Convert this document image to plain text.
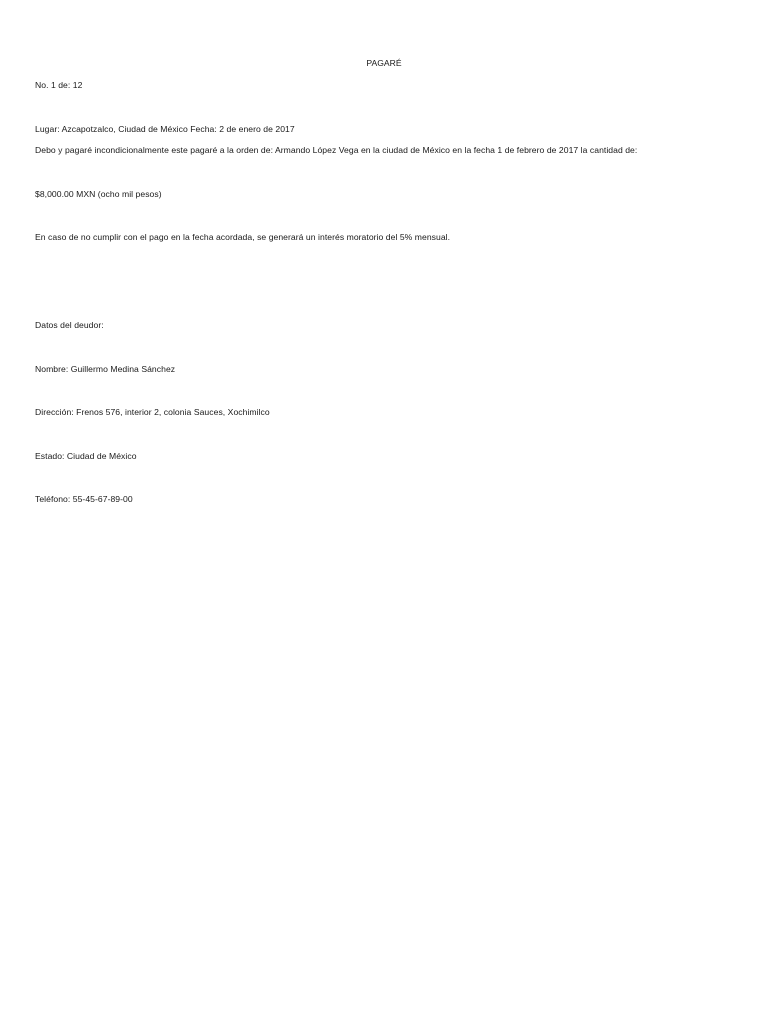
PAGARÉ
No. 1 de: 12
Lugar: Azcapotzalco, Ciudad de México Fecha: 2 de enero de 2017
Debo y pagaré incondicionalmente este pagaré a la orden de: Armando López Vega en la ciudad de México en la fecha 1 de febrero de 2017 la cantidad de:
$8,000.00 MXN (ocho mil pesos)
En caso de no cumplir con el pago en la fecha acordada, se generará un interés moratorio del 5% mensual.
Datos del deudor:
Nombre: Guillermo Medina Sánchez
Dirección: Frenos 576, interior 2, colonia Sauces, Xochimilco
Estado: Ciudad de México
Teléfono: 55-45-67-89-00
